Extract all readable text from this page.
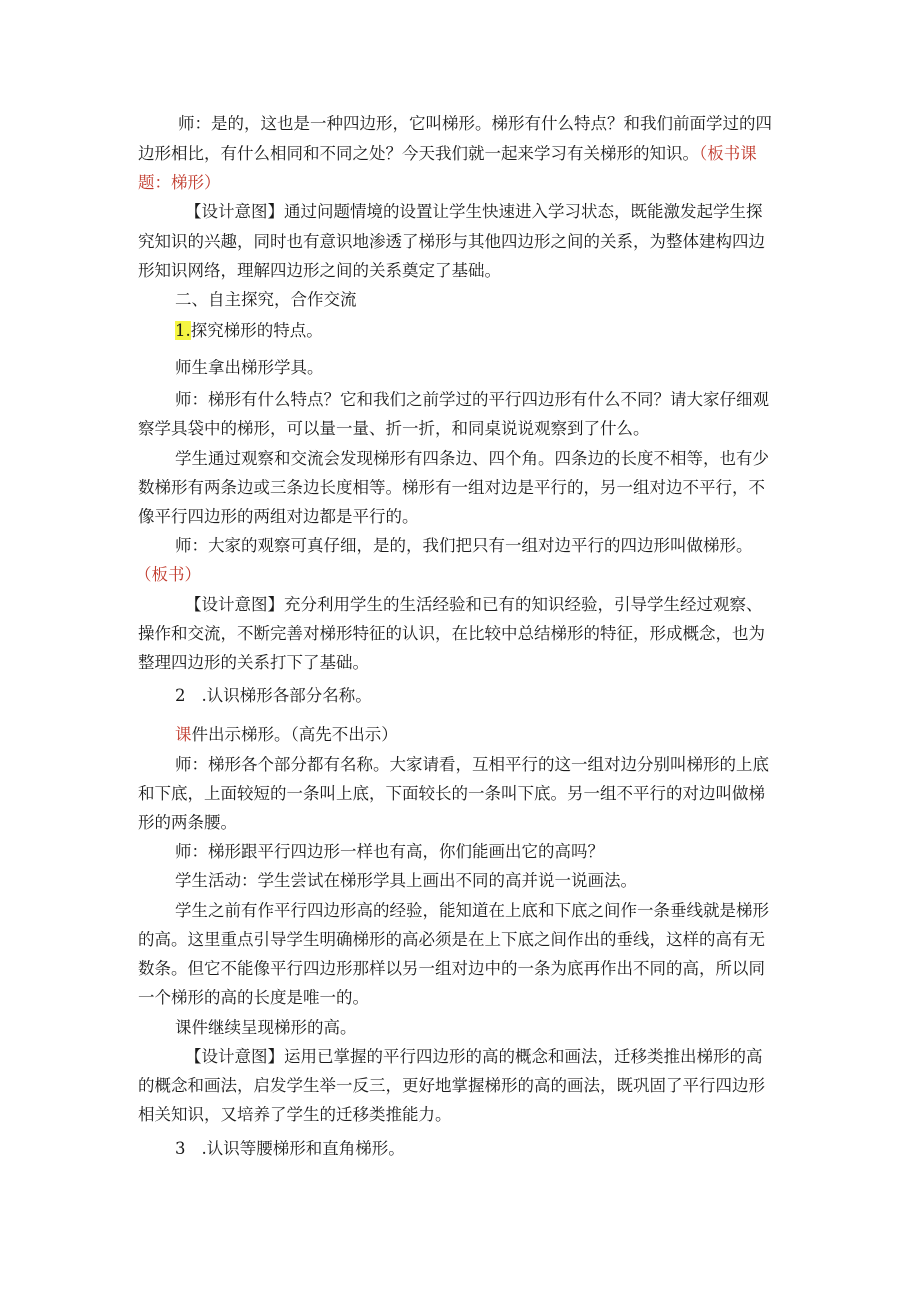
师：是的，这也是一种四边形，它叫梯形。梯形有什么特点？和我们前面学过的四
边形相比，有什么相同和不同之处？今天我们就一起来学习有关梯形的知识。（板书课
题：梯形）
【设计意图】通过问题情境的设置让学生快速进入学习状态，既能激发起学生探
究知识的兴趣，同时也有意识地渗透了梯形与其他四边形之间的关系，为整体建构四边
形知识网络，理解四边形之间的关系奠定了基础。
二、自主探究，合作交流
1.探究梯形的特点。
师生拿出梯形学具。
师：梯形有什么特点？它和我们之前学过的平行四边形有什么不同？请大家仔细观
察学具袋中的梯形，可以量一量、折一折，和同桌说说观察到了什么。
学生通过观察和交流会发现梯形有四条边、四个角。四条边的长度不相等，也有少
数梯形有两条边或三条边长度相等。梯形有一组对边是平行的，另一组对边不平行，不
像平行四边形的两组对边都是平行的。
师：大家的观察可真仔细，是的，我们把只有一组对边平行的四边形叫做梯形。
（板书）
【设计意图】充分利用学生的生活经验和已有的知识经验，引导学生经过观察、
操作和交流，不断完善对梯形特征的认识，在比较中总结梯形的特征，形成概念，也为
整理四边形的关系打下了基础。
2 .认识梯形各部分名称。
课件出示梯形。（高先不出示）
师：梯形各个部分都有名称。大家请看，互相平行的这一组对边分别叫梯形的上底
和下底，上面较短的一条叫上底，下面较长的一条叫下底。另一组不平行的对边叫做梯
形的两条腰。
师：梯形跟平行四边形一样也有高，你们能画出它的高吗？
学生活动：学生尝试在梯形学具上画出不同的高并说一说画法。
学生之前有作平行四边形高的经验，能知道在上底和下底之间作一条垂线就是梯形
的高。这里重点引导学生明确梯形的高必须是在上下底之间作出的垂线，这样的高有无
数条。但它不能像平行四边形那样以另一组对边中的一条为底再作出不同的高，所以同
一个梯形的高的长度是唯一的。
课件继续呈现梯形的高。
【设计意图】运用已掌握的平行四边形的高的概念和画法，迁移类推出梯形的高
的概念和画法，启发学生举一反三，更好地掌握梯形的高的画法，既巩固了平行四边形
相关知识，又培养了学生的迁移类推能力。
3 .认识等腰梯形和直角梯形。
